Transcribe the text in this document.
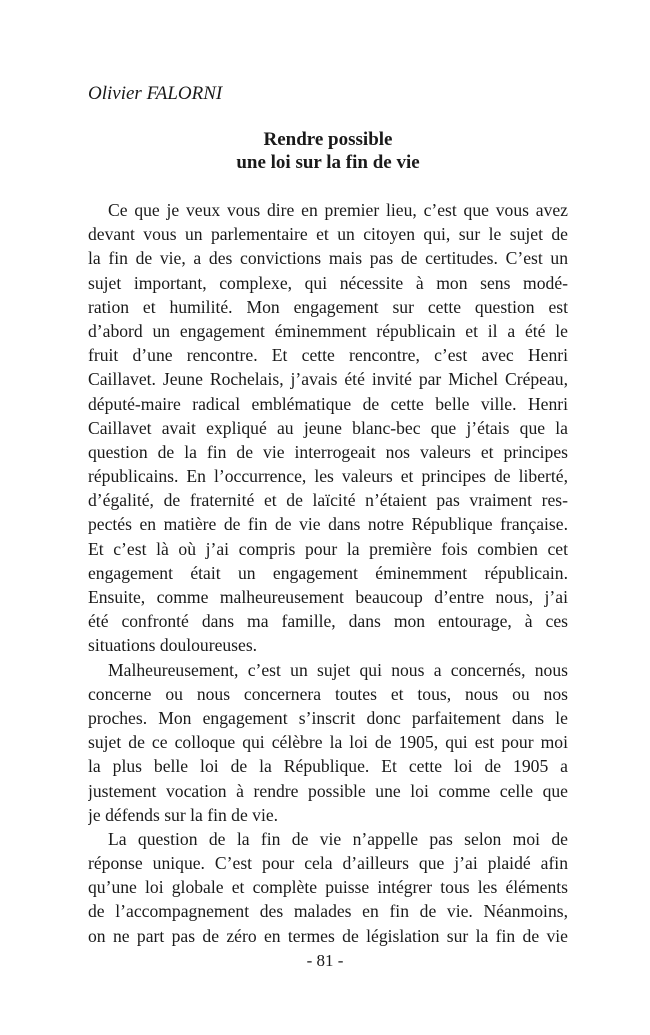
Olivier FALORNI
Rendre possible
une loi sur la fin de vie
Ce que je veux vous dire en premier lieu, c’est que vous avez
devant vous un parlementaire et un citoyen qui, sur le sujet de
la fin de vie, a des convictions mais pas de certitudes. C’est un
sujet important, complexe, qui nécessite à mon sens modé-
ration et humilité. Mon engagement sur cette question est
d’abord un engagement éminemment républicain et il a été le
fruit d’une rencontre. Et cette rencontre, c’est avec Henri
Caillavet. Jeune Rochelais, j’avais été invité par Michel Crépeau,
député-maire radical emblématique de cette belle ville. Henri
Caillavet avait expliqué au jeune blanc-bec que j’étais que la
question de la fin de vie interrogeait nos valeurs et principes
républicains. En l’occurrence, les valeurs et principes de liberté,
d’égalité, de fraternité et de laïcité n’étaient pas vraiment res-
pectés en matière de fin de vie dans notre République française.
Et c’est là où j’ai compris pour la première fois combien cet
engagement était un engagement éminemment républicain.
Ensuite, comme malheureusement beaucoup d’entre nous, j’ai
été confronté dans ma famille, dans mon entourage, à ces
situations douloureuses.
Malheureusement, c’est un sujet qui nous a concernés, nous
concerne ou nous concernera toutes et tous, nous ou nos
proches. Mon engagement s’inscrit donc parfaitement dans le
sujet de ce colloque qui célèbre la loi de 1905, qui est pour moi
la plus belle loi de la République. Et cette loi de 1905 a
justement vocation à rendre possible une loi comme celle que
je défends sur la fin de vie.
La question de la fin de vie n’appelle pas selon moi de
réponse unique. C’est pour cela d’ailleurs que j’ai plaidé afin
qu’une loi globale et complète puisse intégrer tous les éléments
de l’accompagnement des malades en fin de vie. Néanmoins,
on ne part pas de zéro en termes de législation sur la fin de vie
- 81 -
